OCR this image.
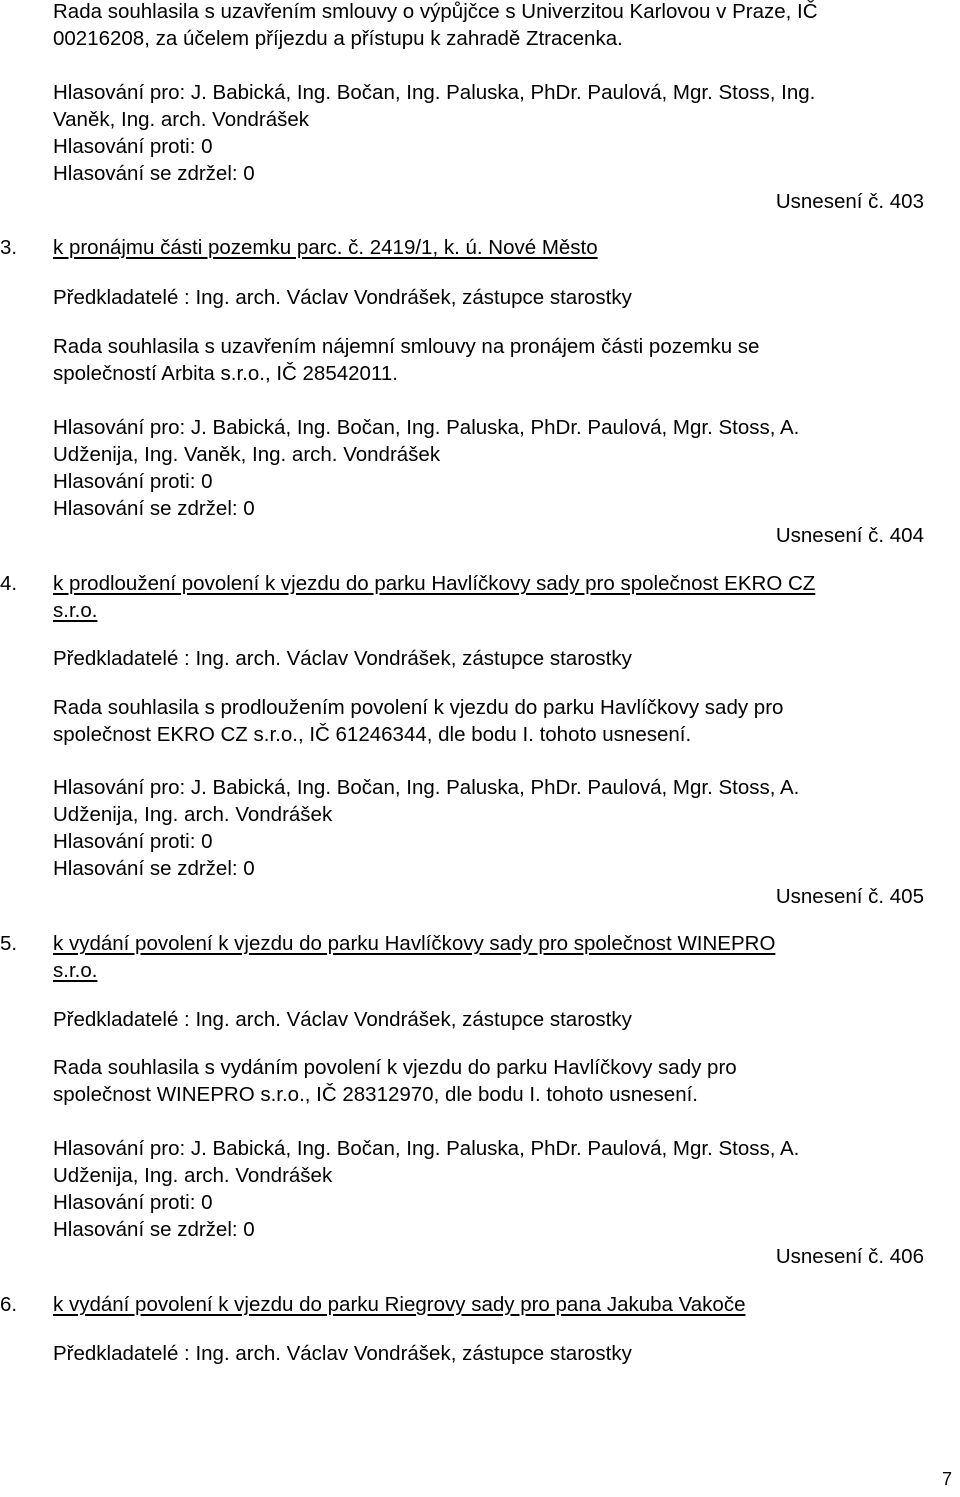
Rada souhlasila s uzavřením smlouvy o výpůjčce s Univerzitou Karlovou v Praze, IČ
00216208, za účelem příjezdu a přístupu k zahradě Ztracenka.
Hlasování pro: J. Babická, Ing. Bočan, Ing. Paluska, PhDr. Paulová, Mgr. Stoss, Ing.
Vaněk, Ing. arch. Vondrášek
Hlasování proti: 0
Hlasování se zdržel: 0
Usnesení č. 403
3. k pronájmu části pozemku parc. č. 2419/1, k. ú. Nové Město
Předkladatelé : Ing. arch. Václav Vondrášek, zástupce starostky
Rada souhlasila s uzavřením nájemní smlouvy na pronájem části pozemku se
společností Arbita s.r.o., IČ 28542011.
Hlasování pro: J. Babická, Ing. Bočan, Ing. Paluska, PhDr. Paulová, Mgr. Stoss, A.
Udženija, Ing. Vaněk, Ing. arch. Vondrášek
Hlasování proti: 0
Hlasování se zdržel: 0
Usnesení č. 404
4. k prodloužení povolení k vjezdu do parku Havlíčkovy sady pro společnost EKRO CZ
s.r.o.
Předkladatelé : Ing. arch. Václav Vondrášek, zástupce starostky
Rada souhlasila s prodloužením povolení k vjezdu do parku Havlíčkovy sady pro
společnost EKRO CZ s.r.o., IČ 61246344, dle bodu I. tohoto usnesení.
Hlasování pro: J. Babická, Ing. Bočan, Ing. Paluska, PhDr. Paulová, Mgr. Stoss, A.
Udženija, Ing. arch. Vondrášek
Hlasování proti: 0
Hlasování se zdržel: 0
Usnesení č. 405
5. k vydání povolení k vjezdu do parku Havlíčkovy sady pro společnost WINEPRO
s.r.o.
Předkladatelé : Ing. arch. Václav Vondrášek, zástupce starostky
Rada souhlasila s vydáním povolení k vjezdu do parku Havlíčkovy sady pro
společnost WINEPRO s.r.o., IČ 28312970, dle bodu I. tohoto usnesení.
Hlasování pro: J. Babická, Ing. Bočan, Ing. Paluska, PhDr. Paulová, Mgr. Stoss, A.
Udženija, Ing. arch. Vondrášek
Hlasování proti: 0
Hlasování se zdržel: 0
Usnesení č. 406
6. k vydání povolení k vjezdu do parku Riegrovy sady pro pana Jakuba Vakoče
Předkladatelé : Ing. arch. Václav Vondrášek, zástupce starostky
7
